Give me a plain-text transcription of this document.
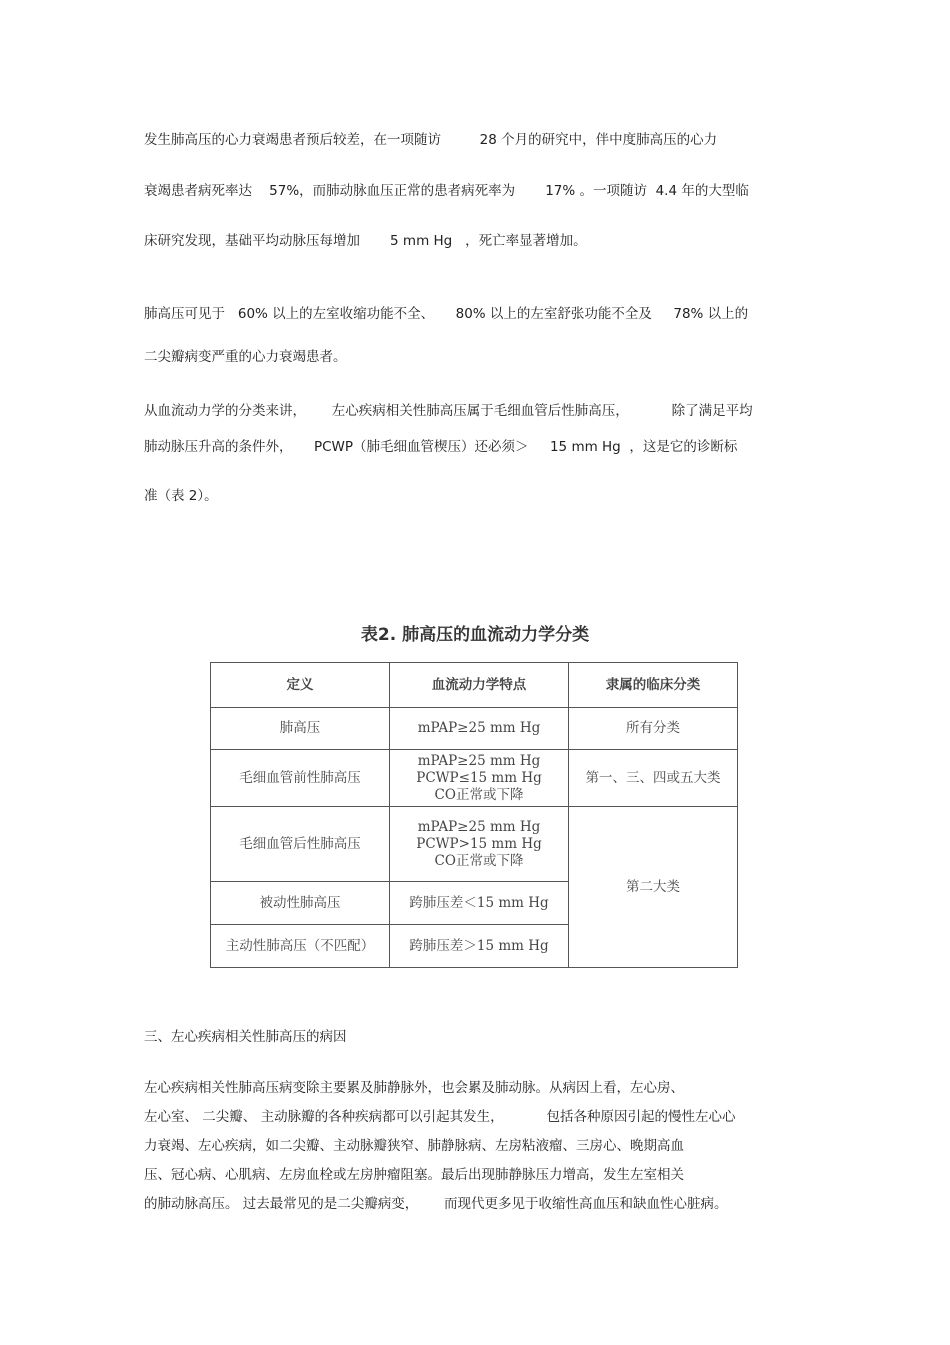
发生肺高压的心力衰竭患者预后较差，在一项随访         28 个月的研究中，伴中度肺高压的心力
衰竭患者病死率达    57%，而肺动脉血压正常的患者病死率为       17% 。一项随访  4.4 年的大型临
床研究发现，基础平均动脉压每增加       5 mm Hg   ，死亡率显著增加。
肺高压可见于   60% 以上的左室收缩功能不全、     80% 以上的左室舒张功能不全及     78% 以上的
二尖瓣病变严重的心力衰竭患者。
从血流动力学的分类来讲，      左心疾病相关性肺高压属于毛细血管后性肺高压，          除了满足平均
肺动脉压升高的条件外，     PCWP（肺毛细血管楔压）还必须＞     15 mm Hg  ，这是它的诊断标
准（表 2）。
表2. 肺高压的血流动力学分类
定义	血流动力学特点	隶属的临床分类
肺高压	mPAP≥25 mm Hg	所有分类
毛细血管前性肺高压	mPAP≥25 mm Hg
PCWP≤15 mm Hg
CO正常或下降	第一、三、四或五大类
毛细血管后性肺高压	mPAP≥25 mm Hg
PCWP>15 mm Hg
CO正常或下降	第二大类
被动性肺高压	跨肺压差＜15 mm Hg	
主动性肺高压（不匹配）	跨肺压差＞15 mm Hg	
三、左心疾病相关性肺高压的病因
左心疾病相关性肺高压病变除主要累及肺静脉外，也会累及肺动脉。从病因上看，左心房、
左心室、 二尖瓣、 主动脉瓣的各种疾病都可以引起其发生，          包括各种原因引起的慢性左心心
力衰竭、左心疾病，如二尖瓣、主动脉瓣狭窄、肺静脉病、左房粘液瘤、三房心、晚期高血
压、冠心病、心肌病、左房血栓或左房肿瘤阻塞。最后出现肺静脉压力增高，发生左室相关
的肺动脉高压。 过去最常见的是二尖瓣病变，      而现代更多见于收缩性高血压和缺血性心脏病。
